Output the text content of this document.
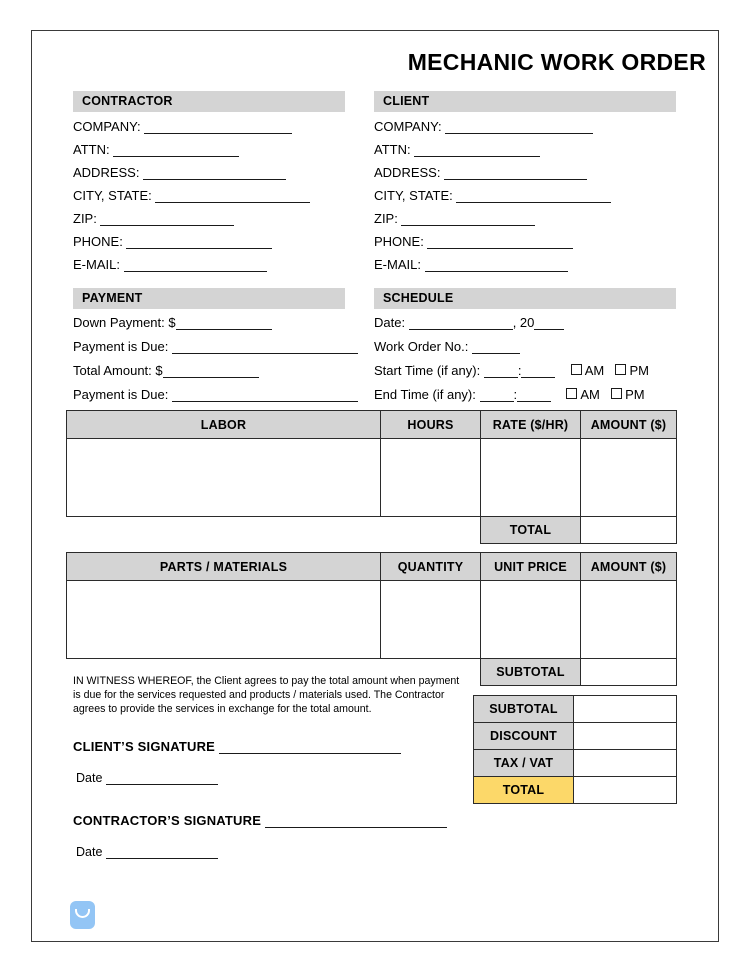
MECHANIC WORK ORDER
CONTRACTOR
COMPANY:
ATTN:
ADDRESS:
CITY, STATE:
ZIP:
PHONE:
E-MAIL:
CLIENT
COMPANY:
ATTN:
ADDRESS:
CITY, STATE:
ZIP:
PHONE:
E-MAIL:
PAYMENT
Down Payment: $
Payment is Due:
Total Amount: $
Payment is Due:
SCHEDULE
Date:	, 20
Work Order No.:
Start Time (if any):	:	AM PM
End Time (if any):	:	AM PM
LABOR	HOURS	RATE ($/HR)	AMOUNT ($)

		TOTAL	
PARTS / MATERIALS	QUANTITY	UNIT PRICE	AMOUNT ($)

		SUBTOTAL	
IN WITNESS WHEREOF, the Client agrees to pay the total amount when payment is due for the services requested and products / materials used. The Contractor agrees to provide the services in exchange for the total amount.	SUBTOTAL	
DISCOUNT	
TAX / VAT	
TOTAL	
CLIENT’S SIGNATURE
Date
CONTRACTOR’S SIGNATURE
Date
